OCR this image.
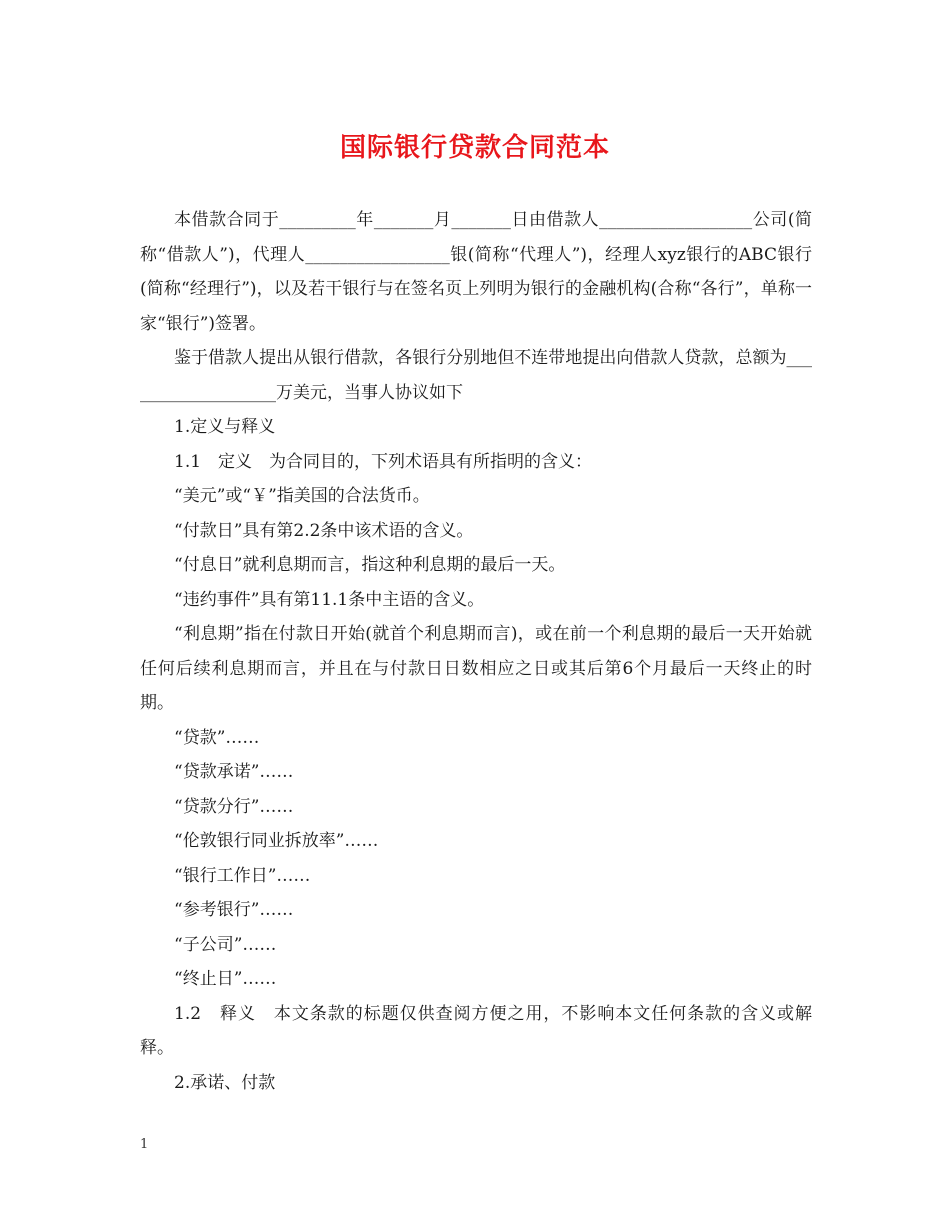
国际银行贷款合同范本

本借款合同于_________年_______月_______日由借款人__________________公司(简称“借款人”)，代理人_________________银(简称“代理人”)，经理人xyz银行的ABC银行(简称“经理行”)，以及若干银行与在签名页上列明为银行的金融机构(合称“各行”，单称一家“银行”)签署。

鉴于借款人提出从银行借款，各银行分别地但不连带地提出向借款人贷款，总额为___________________万美元，当事人协议如下

1.定义与释义

1.1　定义　为合同目的，下列术语具有所指明的含义：

“美元”或“￥”指美国的合法货币。

“付款日”具有第2.2条中该术语的含义。

“付息日”就利息期而言，指这种利息期的最后一天。

“违约事件”具有第11.1条中主语的含义。

“利息期”指在付款日开始(就首个利息期而言)，或在前一个利息期的最后一天开始就任何后续利息期而言，并且在与付款日日数相应之日或其后第6个月最后一天终止的时期。

“贷款”……

“贷款承诺”……

“贷款分行”……

“伦敦银行同业拆放率”……

“银行工作日”……

“参考银行”……

“子公司”……

“终止日”……

1.2　释义　本文条款的标题仅供查阅方便之用，不影响本文任何条款的含义或解释。

2.承诺、付款

1
